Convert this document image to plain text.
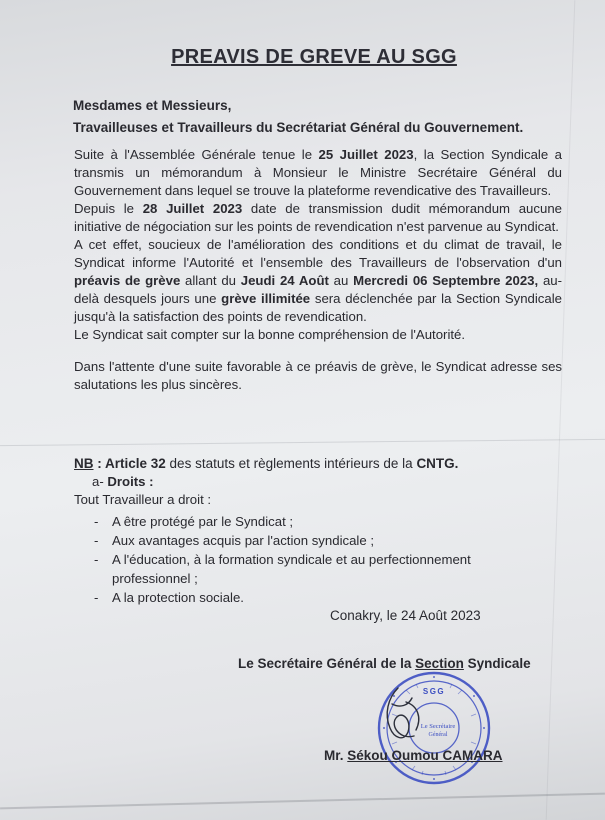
PREAVIS DE GREVE AU SGG
Mesdames et Messieurs,
Travailleuses et Travailleurs du Secrétariat Général du Gouvernement.

Suite à l'Assemblée Générale tenue le 25 Juillet 2023, la Section Syndicale a transmis un mémorandum à Monsieur le Ministre Secrétaire Général du Gouvernement dans lequel se trouve la plateforme revendicative des Travailleurs.

Depuis le 28 Juillet 2023 date de transmission dudit mémorandum aucune initiative de négociation sur les points de revendication n'est parvenue au Syndicat.

A cet effet, soucieux de l'amélioration des conditions et du climat de travail, le Syndicat informe l'Autorité et l'ensemble des Travailleurs de l'observation d'un préavis de grève allant du Jeudi 24 Août au Mercredi 06 Septembre 2023, au-delà desquels jours une grève illimitée sera déclenchée par la Section Syndicale jusqu'à la satisfaction des points de revendication.

Le Syndicat sait compter sur la bonne compréhension de l'Autorité.

Dans l'attente d'une suite favorable à ce préavis de grève, le Syndicat adresse ses salutations les plus sincères.

NB : Article 32 des statuts et règlements intérieurs de la CNTG.
a- Droits :
Tout Travailleur a droit :
-	A être protégé par le Syndicat ;
-	Aux avantages acquis par l'action syndicale ;
-	A l'éducation, à la formation syndicale et au perfectionnement professionnel ;
-	A la protection sociale.
Conakry, le 24 Août 2023
Le Secrétaire Général de la Section Syndicale
SGG
Le Secrétaire
Général
Mr. Sékou Oumou CAMARA
